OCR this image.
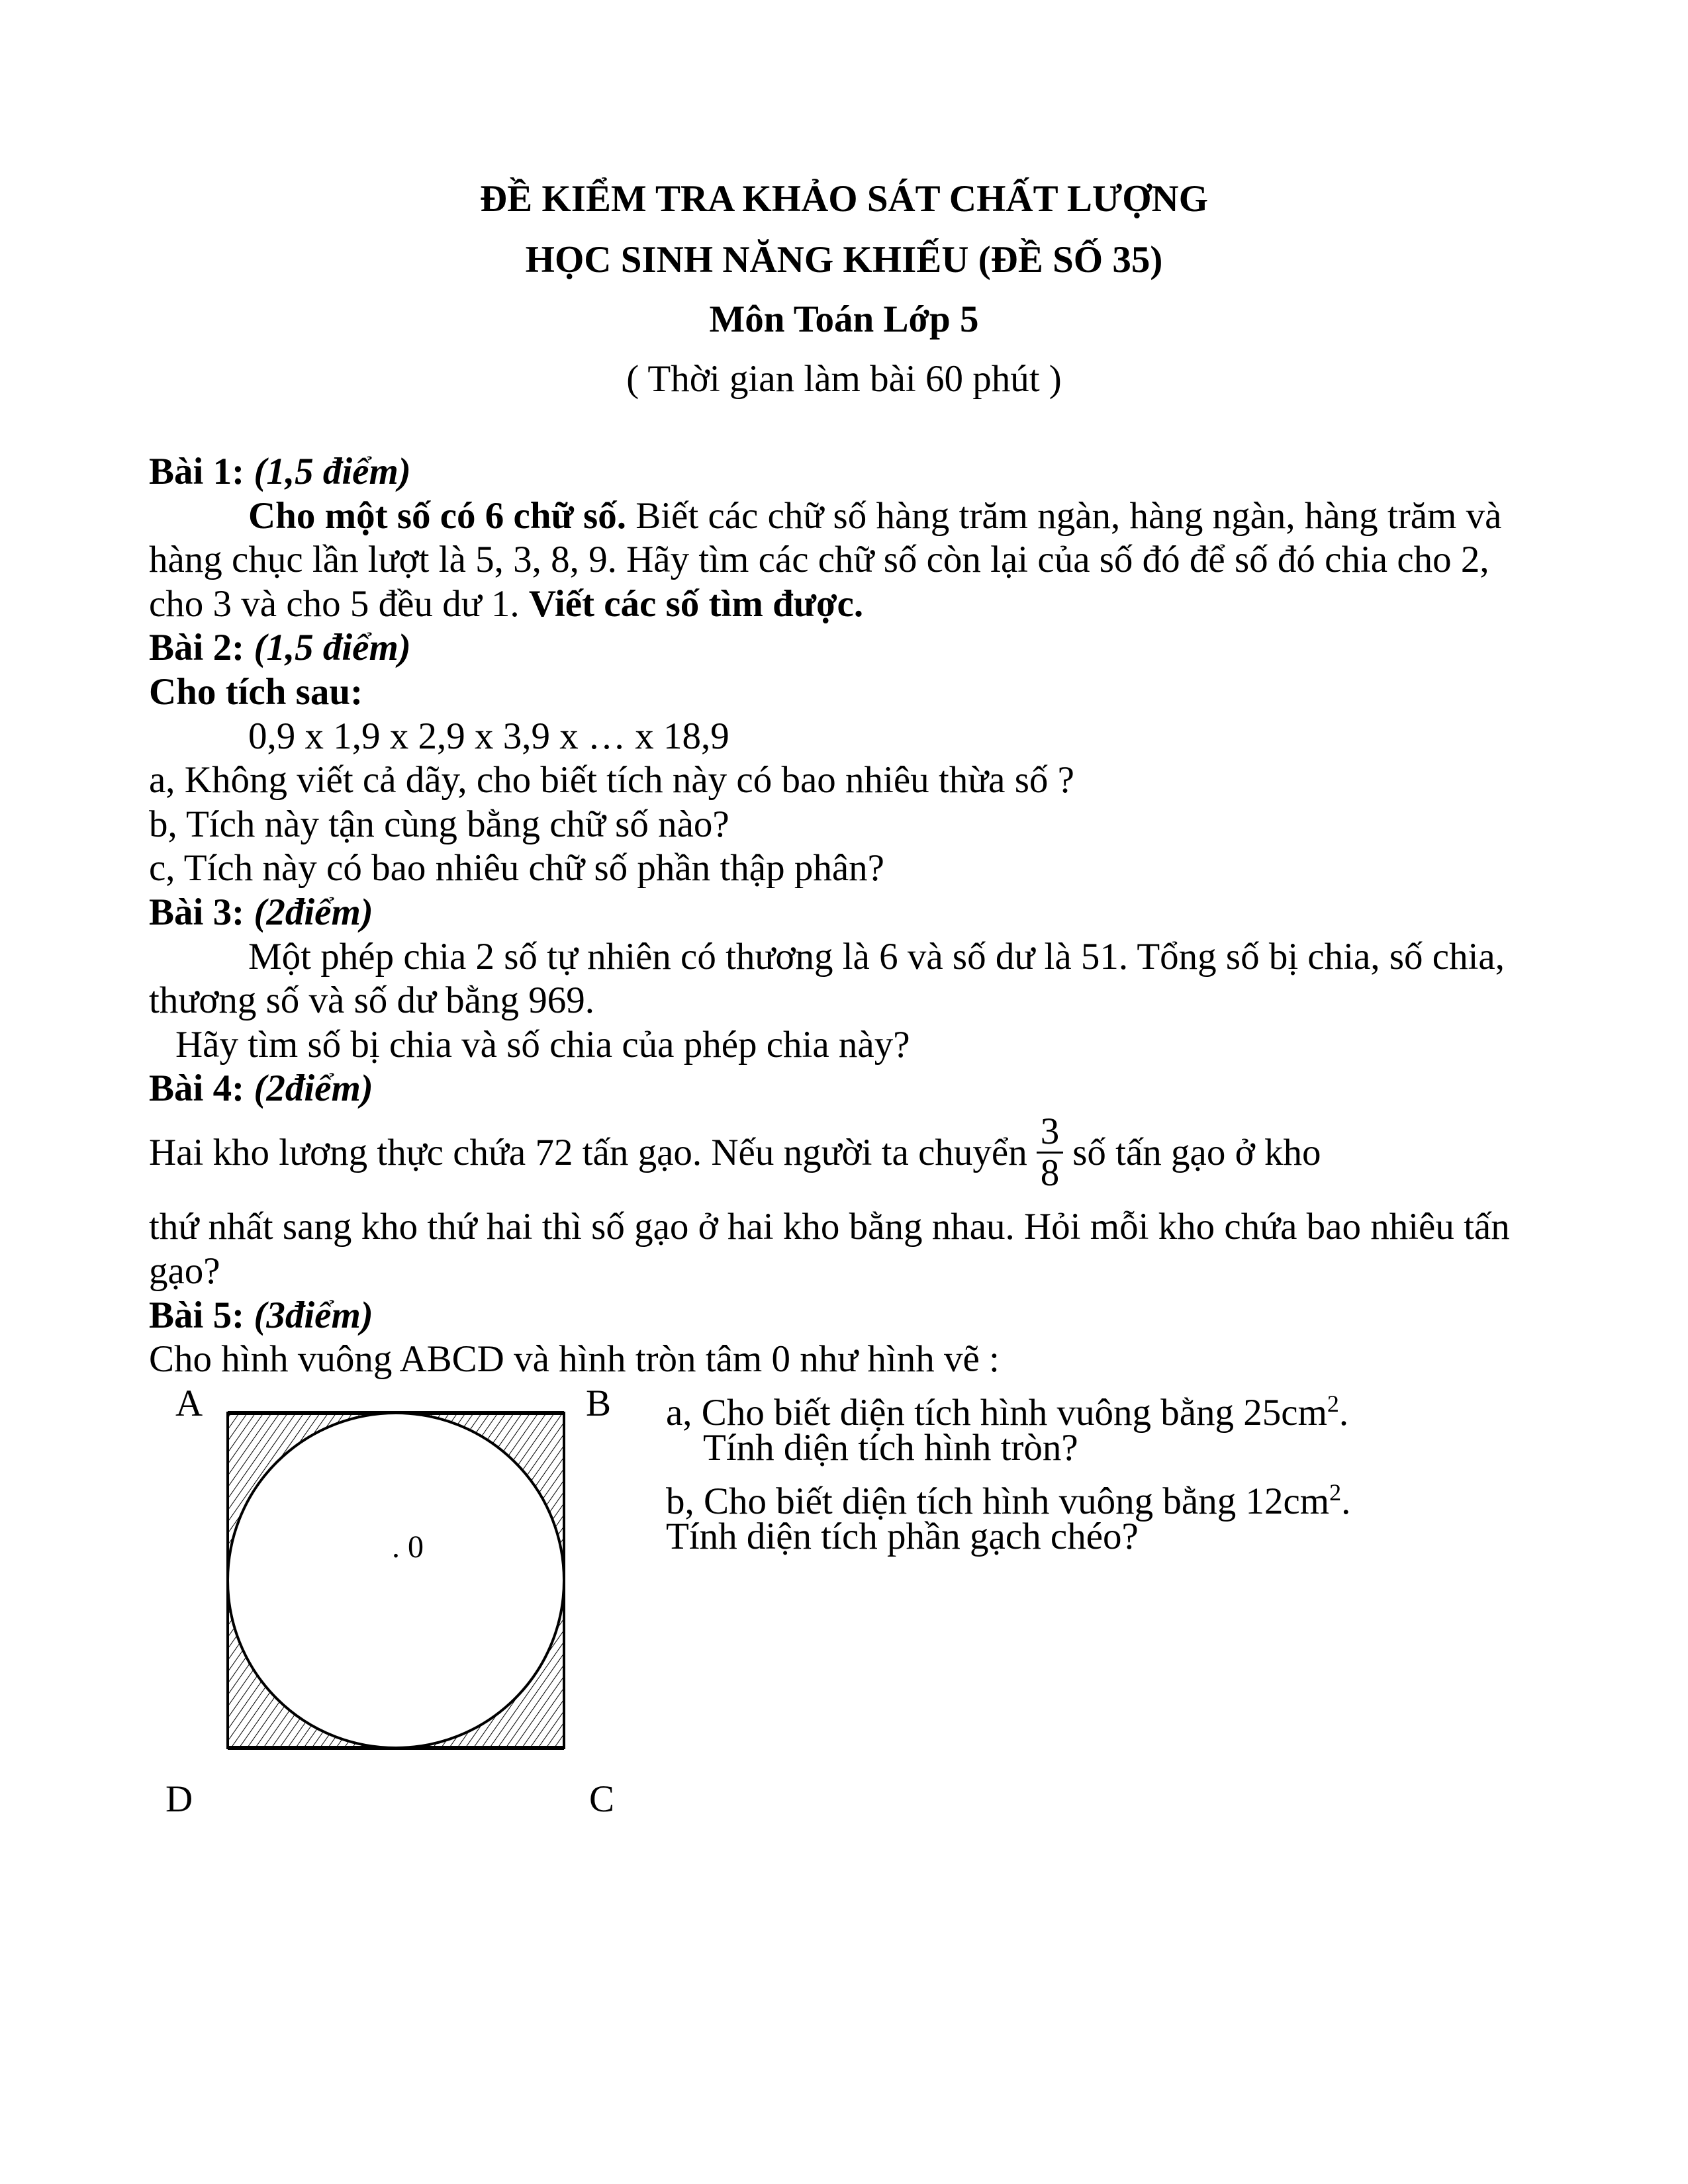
ĐỀ KIỂM TRA KHẢO SÁT CHẤT LƯỢNG
HỌC SINH NĂNG KHIẾU (ĐỀ SỐ 35)
Môn Toán Lớp 5
( Thời gian làm bài 60 phút )
Bài 1: (1,5 điểm)
Cho một số có 6 chữ số. Biết các chữ số hàng trăm ngàn, hàng ngàn, hàng trăm và
hàng chục lần lượt là 5, 3, 8, 9. Hãy tìm các chữ số còn lại của số đó để số đó chia cho 2,
cho 3 và cho 5 đều dư 1. Viết các số tìm được.
Bài 2: (1,5 điểm)
Cho tích sau:
0,9 x 1,9 x 2,9 x 3,9 x … x 18,9
a, Không viết cả dãy, cho biết tích này có bao nhiêu thừa số ?
b, Tích này tận cùng bằng chữ số nào?
c, Tích này có bao nhiêu chữ số phần thập phân?
Bài 3: (2điểm)
Một phép chia 2 số tự nhiên có thương là 6 và số dư là 51. Tổng số bị chia, số chia,
thương số và số dư bằng 969.
Hãy tìm số bị chia và số chia của phép chia này?
Bài 4: (2điểm)
Hai kho lương thực chứa 72 tấn gạo. Nếu người ta chuyển $\frac{3}{8}$ số tấn gạo ở kho
thứ nhất sang kho thứ hai thì số gạo ở hai kho bằng nhau. Hỏi mỗi kho chứa bao nhiêu tấn
gạo?
Bài 5: (3điểm)
Cho hình vuông ABCD và hình tròn tâm 0 như hình vẽ :
A	B
D	C
. 0
a, Cho biết diện tích hình vuông bằng $25cm^2$.
Tính diện tích hình tròn?
b, Cho biết diện tích hình vuông bằng $12cm^2$.
Tính diện tích phần gạch chéo?
